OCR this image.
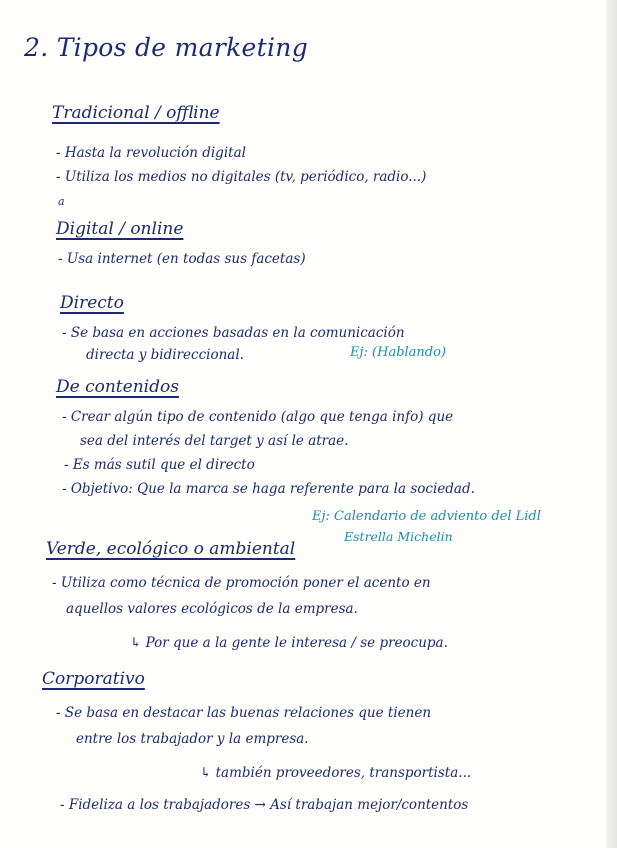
2. Tipos de marketing
Tradicional / offline
- Hasta la revolución digital
- Utiliza los medios no digitales (tv, periódico, radio...)
a
Digital / online
- Usa internet (en todas sus facetas)
Directo
- Se basa en acciones basadas en la comunicación
directa y bidireccional.	Ej: (Hablando)
De contenidos
- Crear algún tipo de contenido (algo que tenga info) que
sea del interés del target y así le atrae.
- Es más sutil que el directo
- Objetivo: Que la marca se haga referente para la sociedad.
Ej: Calendario de adviento del Lidl
Estrella Michelin
Verde, ecológico o ambiental
- Utiliza como técnica de promoción poner el acento en
aquellos valores ecológicos de la empresa.
↳ Por que a la gente le interesa / se preocupa.
Corporativo
- Se basa en destacar las buenas relaciones que tienen
entre los trabajador y la empresa.
↳ también proveedores, transportista...
- Fideliza a los trabajadores → Así trabajan mejor/contentos
